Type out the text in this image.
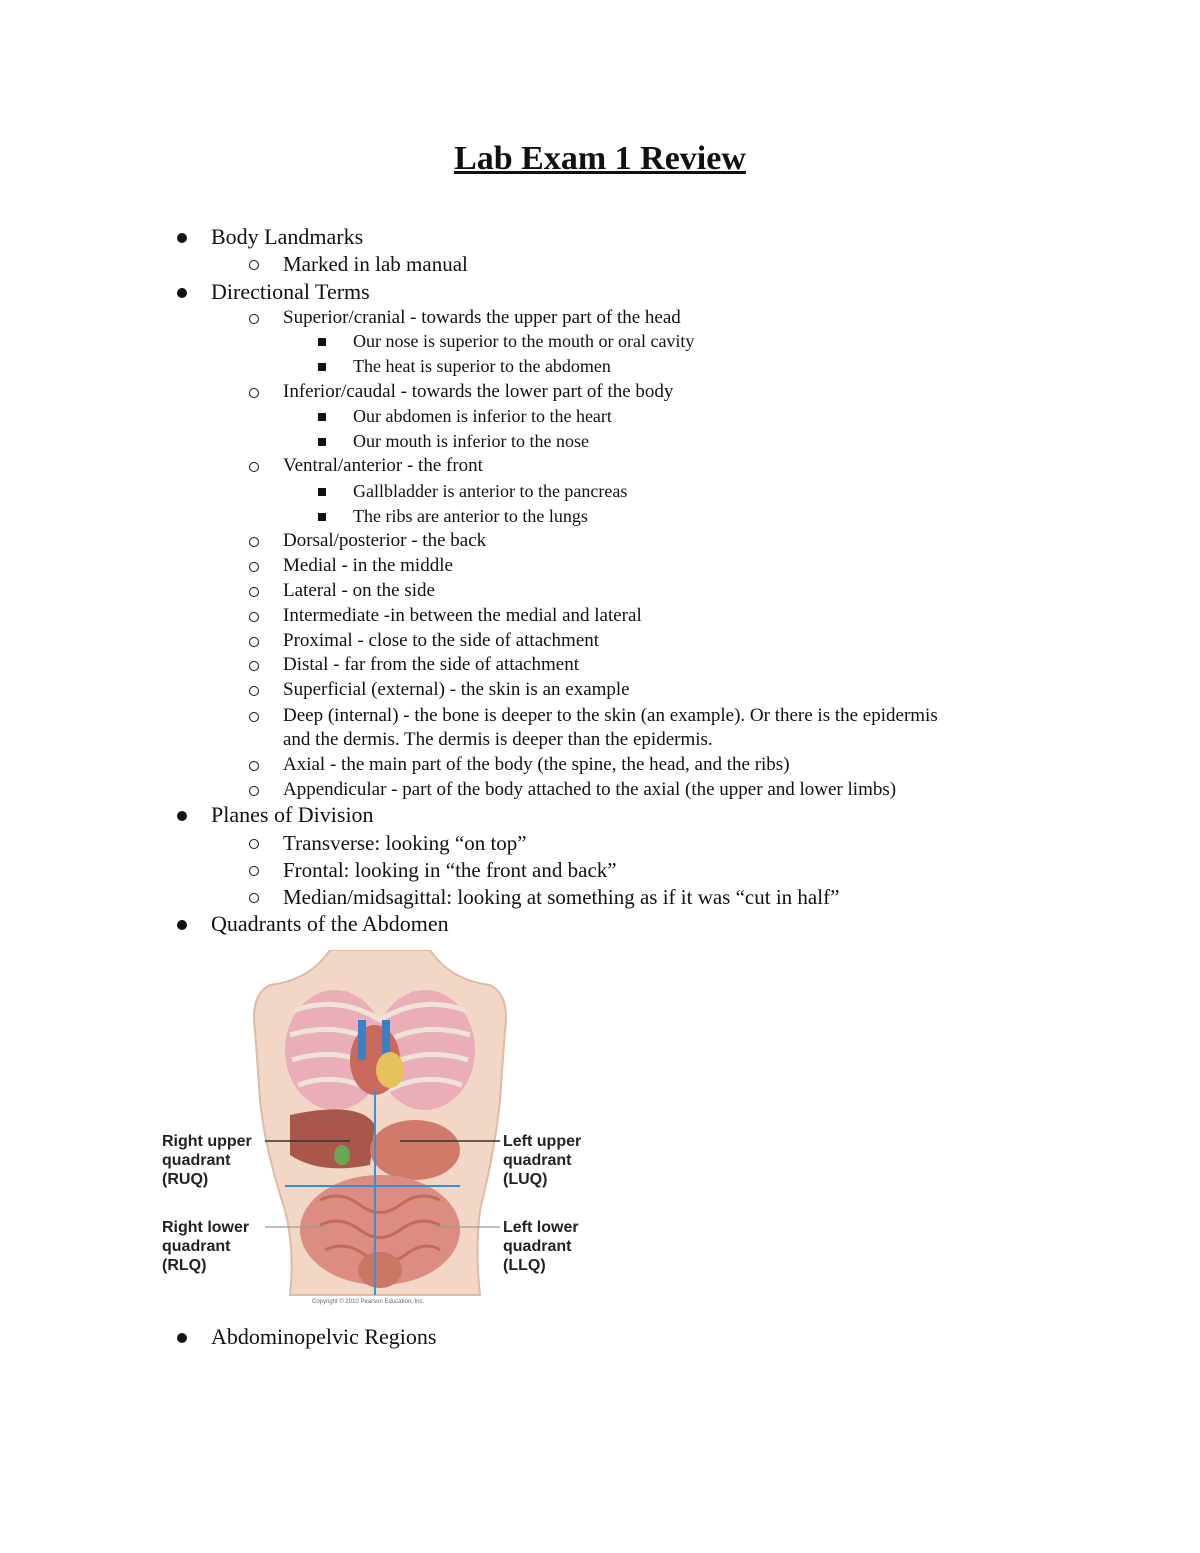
Lab Exam 1 Review
Body Landmarks
Marked in lab manual
Directional Terms
Superior/cranial - towards the upper part of the head
Our nose is superior to the mouth or oral cavity
The heat is superior to the abdomen
Inferior/caudal - towards the lower part of the body
Our abdomen is inferior to the heart
Our mouth is inferior to the nose
Ventral/anterior - the front
Gallbladder is anterior to the pancreas
The ribs are anterior to the lungs
Dorsal/posterior - the back
Medial - in the middle
Lateral - on the side
Intermediate -in between the medial and lateral
Proximal - close to the side of attachment
Distal - far from the side of attachment
Superficial (external) - the skin is an example
Deep (internal) - the bone is deeper to the skin (an example). Or there is the epidermis
and the dermis. The dermis is deeper than the epidermis.
Axial - the main part of the body (the spine, the head, and the ribs)
Appendicular - part of the body attached to the axial (the upper and lower limbs)
Planes of Division
Transverse: looking “on top”
Frontal: looking in “the front and back”
Median/midsagittal: looking at something as if it was “cut in half”
Quadrants of the Abdomen
Right upper
quadrant
(RUQ)
Left upper
quadrant
(LUQ)
Right lower
quadrant
(RLQ)
Left lower
quadrant
(LLQ)
Copyright © 2010 Pearson Education, Inc.
Abdominopelvic Regions
